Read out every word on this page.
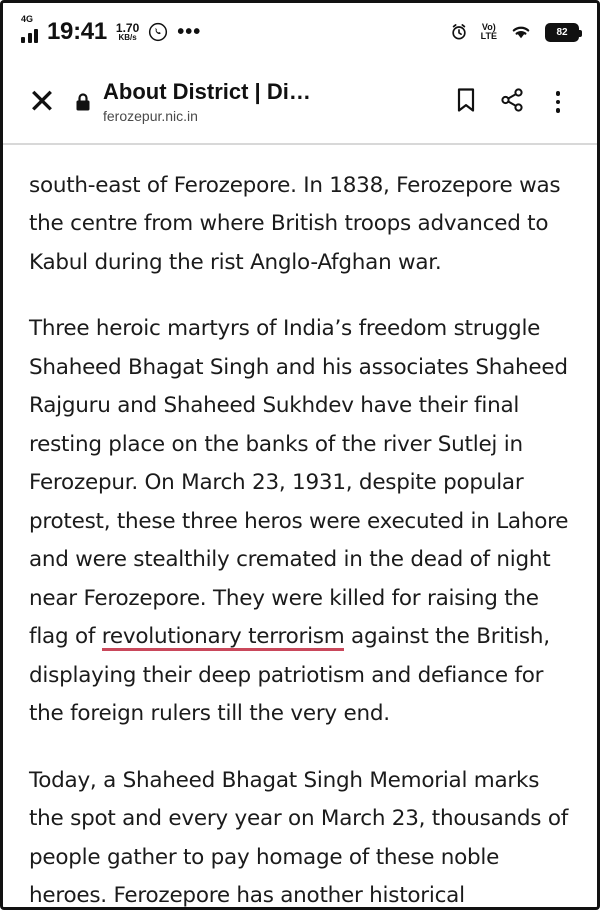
4G 19:41 1.70
KB/s •••	Vo)
LTE	82
✕ About District | Di…
ferozepur.nic.in

south-east of Ferozepore. In 1838, Ferozepore was the centre from where British troops advanced to Kabul during the rist Anglo-Afghan war.

Three heroic martyrs of India’s freedom struggle Shaheed Bhagat Singh and his associates Shaheed Rajguru and Shaheed Sukhdev have their final resting place on the banks of the river Sutlej in Ferozepur. On March 23, 1931, despite popular protest, these three heros were executed in Lahore and were stealthily cremated in the dead of night near Ferozepore. They were killed for raising the flag of revolutionary terrorism against the British, displaying their deep patriotism and defiance for the foreign rulers till the very end.

Today, a Shaheed Bhagat Singh Memorial marks the spot and every year on March 23, thousands of people gather to pay homage of these noble heroes. Ferozepore has another historical
